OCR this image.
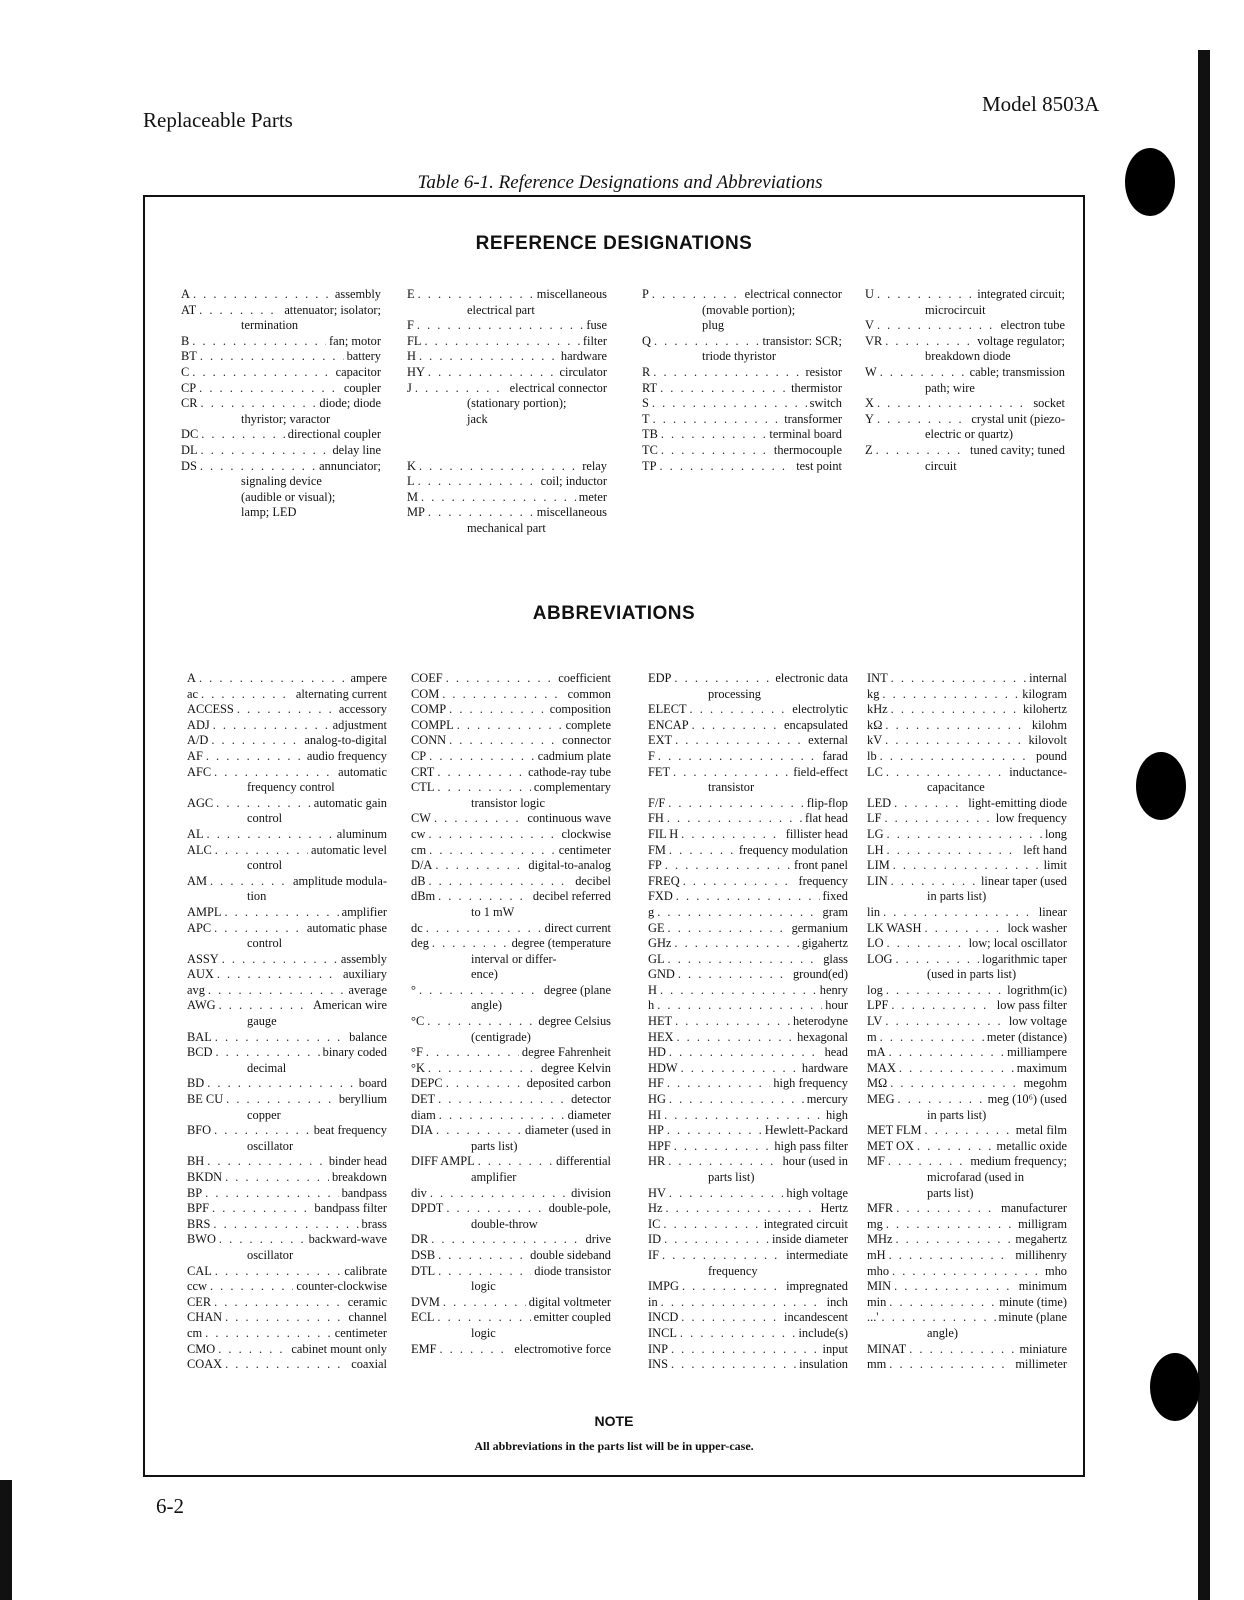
Replaceable Parts
Model 8503A
Table 6-1. Reference Designations and Abbreviations
REFERENCE DESIGNATIONS
A . . .	assembly
AT . . .	attenuator; isolator;
termination
B . . .	fan; motor
BT . . .	battery
C . . .	capacitor
CP . . .	coupler
CR . . .	diode; diode
thyristor; varactor
DC . . .	directional coupler
DL . . .	delay line
DS . . .	annunciator;
signaling device
(audible or visual);
lamp; LED
E . . .	miscellaneous
electrical part
F . . .	fuse
FL . . .	filter
H . . .	hardware
HY . . .	circulator
J . . .	electrical connector
(stationary portion);
jack
K . . .	relay
L . . .	coil; inductor
M . . .	meter
MP . . .	miscellaneous
mechanical part
P . . .	electrical connector
(movable portion);
plug
Q . . .	transistor: SCR;
triode thyristor
R . . .	resistor
RT . . .	thermistor
S . . .	switch
T . . .	transformer
TB . . .	terminal board
TC . . .	thermocouple
TP . . .	test point
U . . .	integrated circuit;
microcircuit
V . . .	electron tube
VR . . .	voltage regulator;
breakdown diode
W . . .	cable; transmission
path; wire
X . . .	socket
Y . . .	crystal unit (piezo-
electric or quartz)
Z . . .	tuned cavity; tuned
circuit
ABBREVIATIONS
A . . .	ampere
ac . . .	alternating current
ACCESS . . .	accessory
ADJ . . .	adjustment
A/D . . .	analog-to-digital
AF . . .	audio frequency
AFC . . .	automatic
frequency control
AGC . . .	automatic gain
control
AL . . .	aluminum
ALC . . .	automatic level
control
AM . . .	amplitude modula-
tion
AMPL . . .	amplifier
APC . . .	automatic phase
control
ASSY . . .	assembly
AUX . . .	auxiliary
avg . . .	average
AWG . . .	American wire
gauge
BAL . . .	balance
BCD . . .	binary coded
decimal
BD . . .	board
BE CU . . .	beryllium
copper
BFO . . .	beat frequency
oscillator
BH . . .	binder head
BKDN . . .	breakdown
BP . . .	bandpass
BPF . . .	bandpass filter
BRS . . .	brass
BWO . . .	backward-wave
oscillator
CAL . . .	calibrate
ccw . . .	counter-clockwise
CER . . .	ceramic
CHAN . . .	channel
cm . . .	centimeter
CMO . . .	cabinet mount only
COAX . . .	coaxial
COEF . . .	coefficient
COM . . .	common
COMP . . .	composition
COMPL . . .	complete
CONN . . .	connector
CP . . .	cadmium plate
CRT . . .	cathode-ray tube
CTL . . .	complementary
transistor logic
CW . . .	continuous wave
cw . . .	clockwise
cm . . .	centimeter
D/A . . .	digital-to-analog
dB . . .	decibel
dBm . . .	decibel referred
to 1 mW
dc . . .	direct current
deg . . .	degree (temperature
interval or differ-
ence)
° . . .	degree (plane
angle)
°C . . .	degree Celsius
(centigrade)
°F . . .	degree Fahrenheit
°K . . .	degree Kelvin
DEPC . . .	deposited carbon
DET . . .	detector
diam . . .	diameter
DIA . . .	diameter (used in
parts list)
DIFF AMPL . . .	differential
amplifier
div . . .	division
DPDT . . .	double-pole,
double-throw
DR . . .	drive
DSB . . .	double sideband
DTL . . .	diode transistor
logic
DVM . . .	digital voltmeter
ECL . . .	emitter coupled
logic
EMF . . .	electromotive force
EDP . . .	electronic data
processing
ELECT . . .	electrolytic
ENCAP . . .	encapsulated
EXT . . .	external
F . . .	farad
FET . . .	field-effect
transistor
F/F . . .	flip-flop
FH . . .	flat head
FIL H . . .	fillister head
FM . . .	frequency modulation
FP . . .	front panel
FREQ . . .	frequency
FXD . . .	fixed
g . . .	gram
GE . . .	germanium
GHz . . .	gigahertz
GL . . .	glass
GND . . .	ground(ed)
H . . .	henry
h . . .	hour
HET . . .	heterodyne
HEX . . .	hexagonal
HD . . .	head
HDW . . .	hardware
HF . . .	high frequency
HG . . .	mercury
HI . . .	high
HP . . .	Hewlett-Packard
HPF . . .	high pass filter
HR . . .	hour (used in
parts list)
HV . . .	high voltage
Hz . . .	Hertz
IC . . .	integrated circuit
ID . . .	inside diameter
IF . . .	intermediate
frequency
IMPG . . .	impregnated
in . . .	inch
INCD . . .	incandescent
INCL . . .	include(s)
INP . . .	input
INS . . .	insulation
INT . . .	internal
kg . . .	kilogram
kHz . . .	kilohertz
kΩ . . .	kilohm
kV . . .	kilovolt
lb . . .	pound
LC . . .	inductance-
capacitance
LED . . .	light-emitting diode
LF . . .	low frequency
LG . . .	long
LH . . .	left hand
LIM . . .	limit
LIN . . .	linear taper (used
in parts list)
lin . . .	linear
LK WASH . . .	lock washer
LO . . .	low; local oscillator
LOG . . .	logarithmic taper
(used in parts list)
log . . .	logrithm(ic)
LPF . . .	low pass filter
LV . . .	low voltage
m . . .	meter (distance)
mA . . .	milliampere
MAX . . .	maximum
MΩ . . .	megohm
MEG . . .	meg (10⁶) (used
in parts list)
MET FLM . . .	metal film
MET OX . . .	metallic oxide
MF . . .	medium frequency;
microfarad (used in
parts list)
MFR . . .	manufacturer
mg . . .	milligram
MHz . . .	megahertz
mH . . .	millihenry
mho . . .	mho
MIN . . .	minimum
min . . .	minute (time)
...' . . .	minute (plane
angle)
MINAT . . .	miniature
mm . . .	millimeter
NOTE
All abbreviations in the parts list will be in upper-case.
6-2
